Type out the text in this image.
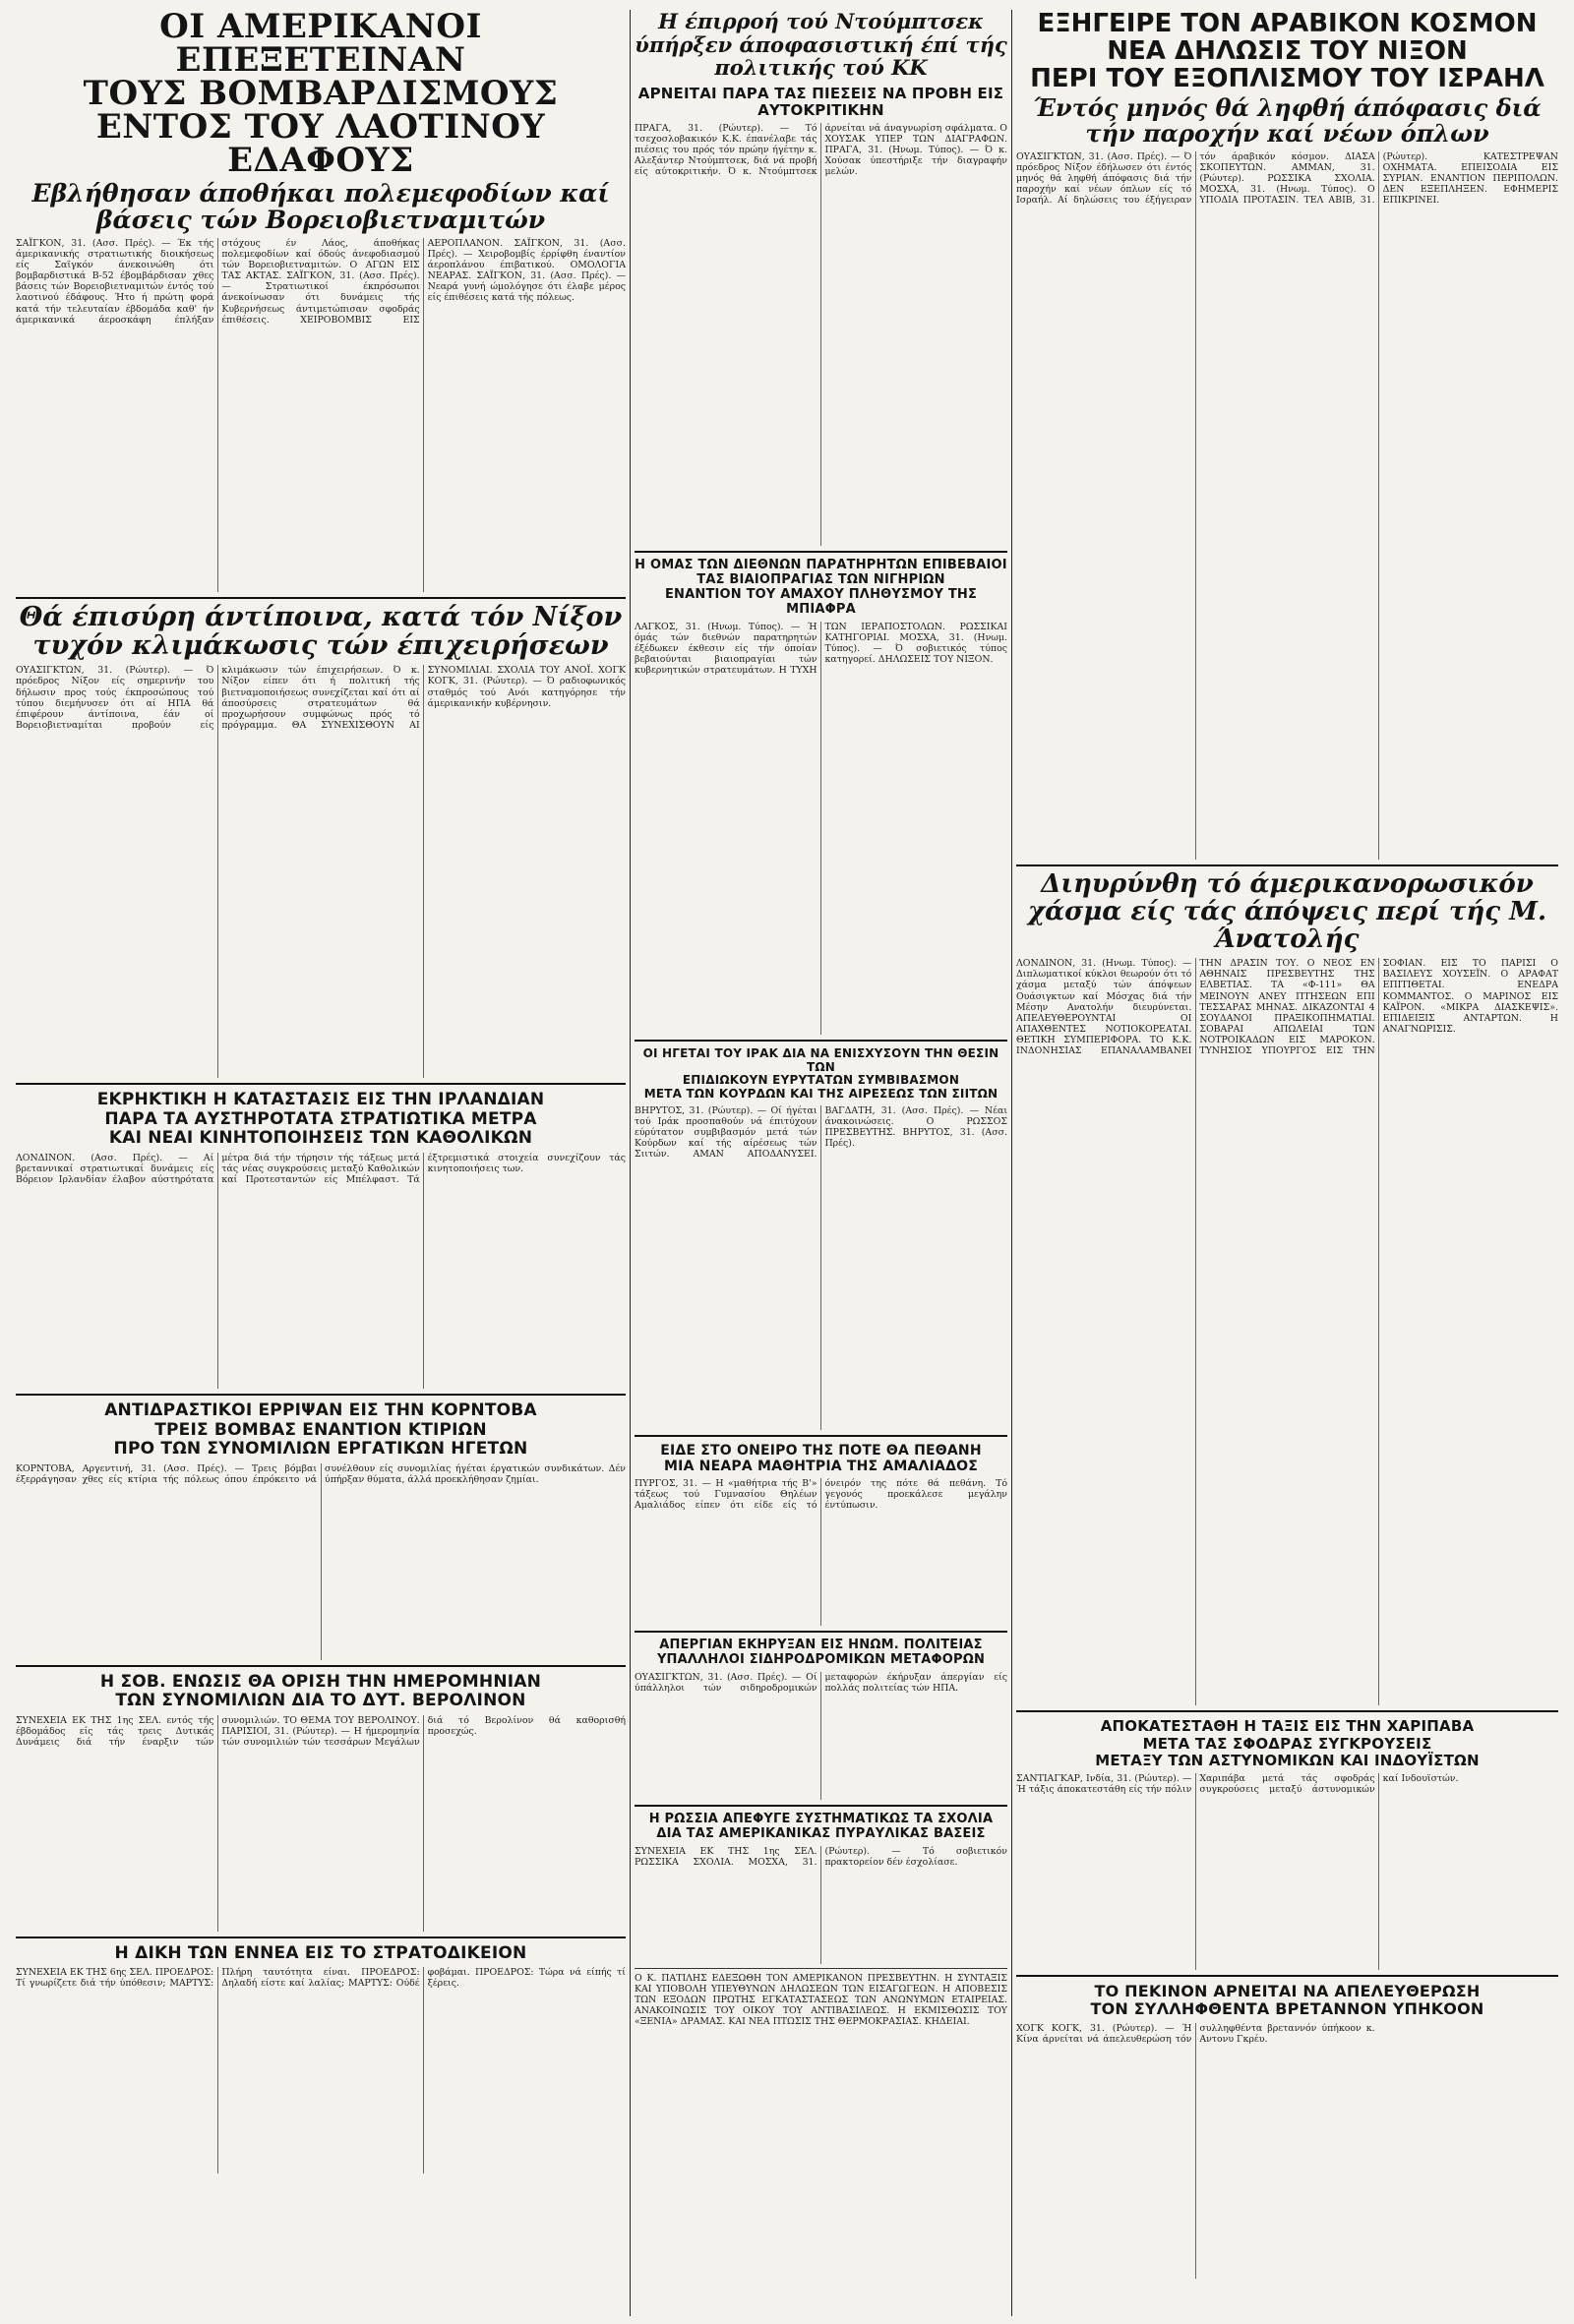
ΟΙ ΑΜΕΡΙΚΑΝΟΙ ΕΠΕΞΕΤΕΙΝΑΝ
ΤΟΥΣ ΒΟΜΒΑΡΔΙΣΜΟΥΣ
ΕΝΤΟΣ ΤΟΥ ΛΑΟΤΙΝΟΥ ΕΔΑΦΟΥΣ
Εβλήθησαν άποθήκαι πολεμεφοδίων καί βάσεις τών Βορειοβιετναμιτών
ΣΑΪΓΚΟΝ, 31. (Ασσ. Πρές). — Έκ τής άμερικανικής στρατιωτικής διοικήσεως είς Σαϊγκόν άνεκοινώθη ότι βομβαρδιστικά Β-52 έβομβάρδισαν χθες βάσεις τών Βορειοβιετναμιτών έντός τού λαοτινού έδάφους. Ήτο ή πρώτη φορά κατά τήν τελευταίαν έβδομάδα καθ' ήν άμερικανικά άεροσκάφη έπλήξαν στόχους έν Λάος, άποθήκας πολεμεφοδίων καί όδούς άνεφοδιασμού τών Βορειοβιετναμιτών. Ο ΑΓΩΝ ΕΙΣ ΤΑΣ ΑΚΤΑΣ. ΣΑΪΓΚΟΝ, 31. (Ασσ. Πρές). — Στρατιωτικοί έκπρόσωποι άνεκοίνωσαν ότι δυνάμεις τής Κυβερνήσεως άντιμετώπισαν σφοδράς έπιθέσεις. ΧΕΙΡΟΒΟΜΒΙΣ ΕΙΣ ΑΕΡΟΠΛΑΝΟΝ. ΣΑΪΓΚΟΝ, 31. (Ασσ. Πρές). — Χειροβομβίς έρρίφθη έναντίον άεροπλάνου έπιβατικού. ΟΜΟΛΟΓΙΑ ΝΕΑΡΑΣ. ΣΑΪΓΚΟΝ, 31. (Ασσ. Πρές). — Νεαρά γυνή ώμολόγησε ότι έλαβε μέρος είς έπιθέσεις κατά τής πόλεως.
Θά έπισύρη άντίποινα, κατά τόν Νίξον τυχόν κλιμάκωσις τών έπιχειρήσεων
ΟΥΑΣΙΓΚΤΩΝ, 31. (Ρώυτερ). — Ό πρόεδρος Νίξον είς σημερινήν του δήλωσιν προς τούς έκπροσώπους τού τύπου διεμήνυσεν ότι αί ΗΠΑ θά έπιφέρουν άντίποινα, έάν οί Βορειοβιετναμίται προβούν είς κλιμάκωσιν τών έπιχειρήσεων. Ό κ. Νίξον είπεν ότι ή πολιτική τής βιετναμοποιήσεως συνεχίζεται καί ότι αί άποσύρσεις στρατευμάτων θά προχωρήσουν συμφώνως πρός τό πρόγραμμα. ΘΑ ΣΥΝΕΧΙΣΘΟΥΝ ΑΙ ΣΥΝΟΜΙΛΙΑΙ. ΣΧΟΛΙΑ ΤΟΥ ΑΝΟΪ. ΧΟΓΚ ΚΟΓΚ, 31. (Ρώυτερ). — Ό ραδιοφωνικός σταθμός τού Ανόι κατηγόρησε τήν άμερικανικήν κυβέρνησιν.
ΕΚΡΗΚΤΙΚΗ Η ΚΑΤΑΣΤΑΣΙΣ ΕΙΣ ΤΗΝ ΙΡΛΑΝΔΙΑΝ
ΠΑΡΑ ΤΑ ΑΥΣΤΗΡΟΤΑΤΑ ΣΤΡΑΤΙΩΤΙΚΑ ΜΕΤΡΑ
ΚΑΙ ΝΕΑΙ ΚΙΝΗΤΟΠΟΙΗΣΕΙΣ ΤΩΝ ΚΑΘΟΛΙΚΩΝ
ΛΟΝΔΙΝΟΝ. (Ασσ. Πρές). — Αί βρεταννικαί στρατιωτικαί δυνάμεις είς Βόρειον Ιρλανδίαν έλαβον αύστηρότατα μέτρα διά τήν τήρησιν τής τάξεως μετά τάς νέας συγκρούσεις μεταξύ Καθολικών καί Προτεσταντών είς Μπέλφαστ. Τά έξτρεμιστικά στοιχεία συνεχίζουν τάς κινητοποιήσεις των.
ΑΝΤΙΔΡΑΣΤΙΚΟΙ ΕΡΡΙΨΑΝ ΕΙΣ ΤΗΝ ΚΟΡΝΤΟΒΑ
ΤΡΕΙΣ ΒΟΜΒΑΣ ΕΝΑΝΤΙΟΝ ΚΤΙΡΙΩΝ
ΠΡΟ ΤΩΝ ΣΥΝΟΜΙΛΙΩΝ ΕΡΓΑΤΙΚΩΝ ΗΓΕΤΩΝ
ΚΟΡΝΤΟΒΑ, Αργεντινή, 31. (Ασσ. Πρές). — Τρεις βόμβαι έξερράγησαν χθες είς κτίρια τής πόλεως όπου έπρόκειτο νά συνέλθουν είς συνομιλίας ήγέται έργατικών συνδικάτων. Δέν ύπήρξαν θύματα, άλλά προεκλήθησαν ζημίαι.
Η ΣΟΒ. ΕΝΩΣΙΣ ΘΑ ΟΡΙΣΗ ΤΗΝ ΗΜΕΡΟΜΗΝΙΑΝ
ΤΩΝ ΣΥΝΟΜΙΛΙΩΝ ΔΙΑ ΤΟ ΔΥΤ. ΒΕΡΟΛΙΝΟΝ
ΣΥΝΕΧΕΙΑ ΕΚ ΤΗΣ 1ης ΣΕΛ. εντός τής έβδομάδος είς τάς τρεις Δυτικάς Δυνάμεις διά τήν έναρξιν τών συνομιλιών. ΤΟ ΘΕΜΑ ΤΟΥ ΒΕΡΟΛΙΝΟΥ. ΠΑΡΙΣΙΟΙ, 31. (Ρώυτερ). — Η ήμερομηνία τών συνομιλιών τών τεσσάρων Μεγάλων διά τό Βερολίνον θά καθορισθή προσεχώς.
Η ΔΙΚΗ ΤΩΝ ΕΝΝΕΑ ΕΙΣ ΤΟ ΣΤΡΑΤΟΔΙΚΕΙΟΝ
ΣΥΝΕΧΕΙΑ ΕΚ ΤΗΣ 6ης ΣΕΛ. ΠΡΟΕΔΡΟΣ: Τί γνωρίζετε διά τήν ύπόθεσιν; ΜΑΡΤΥΣ: Πλήρη ταυτότητα είναι. ΠΡΟΕΔΡΟΣ: Δηλαδή είστε καί λαλίας; ΜΑΡΤΥΣ: Ούδέ φοβάμαι. ΠΡΟΕΔΡΟΣ: Τώρα νά είπής τί ξέρεις.
Η έπιρροή τού Ντούμπτσεκ ύπήρξεν άποφασιστική έπί τής πολιτικής τού ΚΚ
ΑΡΝΕΙΤΑΙ ΠΑΡΑ ΤΑΣ ΠΙΕΣΕΙΣ ΝΑ ΠΡΟΒΗ ΕΙΣ ΑΥΤΟΚΡΙΤΙΚΗΝ
ΠΡΑΓΑ, 31. (Ρώυτερ). — Τό τσεχοσλοβακικόν Κ.Κ. έπανέλαβε τάς πιέσεις του πρός τόν πρώην ήγέτην κ. Αλεξάντερ Ντούμπτσεκ, διά νά προβή είς αύτοκριτικήν. Ό κ. Ντούμπτσεκ άρνείται νά άναγνωρίση σφάλματα. Ο ΧΟΥΣΑΚ ΥΠΕΡ ΤΩΝ ΔΙΑΓΡΑΦΩΝ. ΠΡΑΓΑ, 31. (Ηνωμ. Τύπος). — Ό κ. Χούσακ ύπεστήριξε τήν διαγραφήν μελών.
Η ΟΜΑΣ ΤΩΝ ΔΙΕΘΝΩΝ ΠΑΡΑΤΗΡΗΤΩΝ ΕΠΙΒΕΒΑΙΟΙ
ΤΑΣ ΒΙΑΙΟΠΡΑΓΙΑΣ ΤΩΝ ΝΙΓΗΡΙΩΝ
ΕΝΑΝΤΙΟΝ ΤΟΥ ΑΜΑΧΟΥ ΠΛΗΘΥΣΜΟΥ ΤΗΣ ΜΠΙΑΦΡΑ
ΛΑΓΚΟΣ, 31. (Ηνωμ. Τύπος). — Ή όμάς τών διεθνών παρατηρητών έξέδωκεν έκθεσιν είς τήν όποίαν βεβαιούνται βιαιοπραγίαι τών κυβερνητικών στρατευμάτων. Η ΤΥΧΗ ΤΩΝ ΙΕΡΑΠΟΣΤΟΛΩΝ. ΡΩΣΣΙΚΑΙ ΚΑΤΗΓΟΡΙΑΙ. ΜΟΣΧΑ, 31. (Ηνωμ. Τύπος). — Ό σοβιετικός τύπος κατηγορεί. ΔΗΛΩΣΕΙΣ ΤΟΥ ΝΙΞΟΝ.
ΟΙ ΗΓΕΤΑΙ ΤΟΥ ΙΡΑΚ ΔΙΑ ΝΑ ΕΝΙΣΧΥΣΟΥΝ ΤΗΝ ΘΕΣΙΝ ΤΩΝ
ΕΠΙΔΙΩΚΟΥΝ ΕΥΡΥΤΑΤΩΝ ΣΥΜΒΙΒΑΣΜΟΝ
ΜΕΤΑ ΤΩΝ ΚΟΥΡΔΩΝ ΚΑΙ ΤΗΣ ΑΙΡΕΣΕΩΣ ΤΩΝ ΣΙΙΤΩΝ
ΒΗΡΥΤΟΣ, 31. (Ρώυτερ). — Οί ήγέται τού Ιράκ προσπαθούν νά έπιτύχουν εύρύτατον συμβιβασμόν μετά τών Κούρδων καί τής αίρέσεως τών Σιιτών. ΑΜΑΝ ΑΠΟΔΑΝΥΣΕΙ. ΒΑΓΔΑΤΗ, 31. (Ασσ. Πρές). — Νέαι άνακοινώσεις. Ο ΡΩΣΣΟΣ ΠΡΕΣΒΕΥΤΗΣ. ΒΗΡΥΤΟΣ, 31. (Ασσ. Πρές).
ΕΙΔΕ ΣΤΟ ΟΝΕΙΡΟ ΤΗΣ ΠΟΤΕ ΘΑ ΠΕΘΑΝΗ
ΜΙΑ ΝΕΑΡΑ ΜΑΘΗΤΡΙΑ ΤΗΣ ΑΜΑΛΙΑΔΟΣ
ΠΥΡΓΟΣ, 31. — Η «μαθήτρια τής Β'» τάξεως τού Γυμνασίου Θηλέων Αμαλιάδος είπεν ότι είδε είς τό όνειρόν της πότε θά πεθάνη. Τό γεγονός προεκάλεσε μεγάλην έντύπωσιν.
ΑΠΕΡΓΙΑΝ ΕΚΗΡΥΞΑΝ ΕΙΣ ΗΝΩΜ. ΠΟΛΙΤΕΙΑΣ
ΥΠΑΛΛΗΛΟΙ ΣΙΔΗΡΟΔΡΟΜΙΚΩΝ ΜΕΤΑΦΟΡΩΝ
ΟΥΑΣΙΓΚΤΩΝ, 31. (Ασσ. Πρές). — Οί ύπάλληλοι τών σιδηροδρομικών μεταφορών έκήρυξαν άπεργίαν είς πολλάς πολιτείας τών ΗΠΑ.
Η ΡΩΣΣΙΑ ΑΠΕΦΥΓΕ ΣΥΣΤΗΜΑΤΙΚΩΣ ΤΑ ΣΧΟΛΙΑ
ΔΙΑ ΤΑΣ ΑΜΕΡΙΚΑΝΙΚΑΣ ΠΥΡΑΥΛΙΚΑΣ ΒΑΣΕΙΣ
ΣΥΝΕΧΕΙΑ ΕΚ ΤΗΣ 1ης ΣΕΛ. ΡΩΣΣΙΚΑ ΣΧΟΛΙΑ. ΜΟΣΧΑ, 31. (Ρώυτερ). — Τό σοβιετικόν πρακτορείον δέν έσχολίασε.
Ο Κ. ΠΑΤΙΛΗΣ ΕΔΕΞΩΘΗ ΤΟΝ ΑΜΕΡΙΚΑΝΟΝ ΠΡΕΣΒΕΥΤΗΝ. Η ΣΥΝΤΑΞΙΣ ΚΑΙ ΥΠΟΒΟΛΗ ΥΠΕΥΘΥΝΩΝ ΔΗΛΩΣΕΩΝ ΤΩΝ ΕΙΣΑΓΩΓΕΩΝ. Η ΑΠΟΒΕΣΙΣ ΤΩΝ ΕΞΟΔΩΝ ΠΡΩΤΗΣ ΕΓΚΑΤΑΣΤΑΣΕΩΣ ΤΩΝ ΑΝΩΝΥΜΩΝ ΕΤΑΙΡΕΙΑΣ. ΑΝΑΚΟΙΝΩΣΙΣ ΤΟΥ ΟΙΚΟΥ ΤΟΥ ΑΝΤΙΒΑΣΙΛΕΩΣ. Η ΕΚΜΙΣΘΩΣΙΣ ΤΟΥ «ΞΕΝΙΑ» ΔΡΑΜΑΣ. ΚΑΙ ΝΕΑ ΠΤΩΣΙΣ ΤΗΣ ΘΕΡΜΟΚΡΑΣΙΑΣ. ΚΗΔΕΙΑΙ.
ΕΞΗΓΕΙΡΕ ΤΟΝ ΑΡΑΒΙΚΟΝ ΚΟΣΜΟΝ
ΝΕΑ ΔΗΛΩΣΙΣ ΤΟΥ ΝΙΞΟΝ
ΠΕΡΙ ΤΟΥ ΕΞΟΠΛΙΣΜΟΥ ΤΟΥ ΙΣΡΑΗΛ
Έντός μηνός θά ληφθή άπόφασις διά τήν παροχήν καί νέων όπλων
ΟΥΑΣΙΓΚΤΩΝ, 31. (Ασσ. Πρές). — Ό πρόεδρος Νίξον έδήλωσεν ότι έντός μηνός θά ληφθή άπόφασις διά τήν παροχήν καί νέων όπλων είς τό Ισραήλ. Αί δηλώσεις του έξήγειραν τόν άραβικόν κόσμον. ΔΙΑΣΑ ΣΚΟΠΕΥΤΩΝ. ΑΜΜΑΝ, 31. (Ρώυτερ). ΡΩΣΣΙΚΑ ΣΧΟΛΙΑ. ΜΟΣΧΑ, 31. (Ηνωμ. Τύπος). Ο ΥΠΟΔΙΑ ΠΡΟΤΑΣΙΝ. ΤΕΛ ΑΒΙΒ, 31. (Ρώυτερ). ΚΑΤΕΣΤΡΕΨΑΝ ΟΧΗΜΑΤΑ. ΕΠΕΙΣΟΔΙΑ ΕΙΣ ΣΥΡΙΑΝ. ΕΝΑΝΤΙΟΝ ΠΕΡΙΠΟΛΩΝ. ΔΕΝ ΕΞΕΠΛΗΞΕΝ. ΕΦΗΜΕΡΙΣ ΕΠΙΚΡΙΝΕΙ.
Διηυρύνθη τό άμερικανορωσικόν χάσμα είς τάς άπόψεις περί τής Μ. Άνατολής
ΛΟΝΔΙΝΟΝ, 31. (Ηνωμ. Τύπος). — Διπλωματικοί κύκλοι θεωρούν ότι τό χάσμα μεταξύ τών άπόψεων Ουάσιγκτων καί Μόσχας διά τήν Μέσην Ανατολήν διευρύνεται. ΑΠΕΛΕΥΘΕΡΟΥΝΤΑΙ ΟΙ ΑΠΑΧΘΕΝΤΕΣ ΝΟΤΙΟΚΟΡΕΑΤΑΙ. ΘΕΤΙΚΗ ΣΥΜΠΕΡΙΦΟΡΑ. ΤΟ Κ.Κ. ΙΝΔΟΝΗΣΙΑΣ ΕΠΑΝΑΛΑΜΒΑΝΕΙ ΤΗΝ ΔΡΑΣΙΝ ΤΟΥ. Ο ΝΕΟΣ ΕΝ ΑΘΗΝΑΙΣ ΠΡΕΣΒΕΥΤΗΣ ΤΗΣ ΕΛΒΕΤΙΑΣ. ΤΑ «Φ-111» ΘΑ ΜΕΙΝΟΥΝ ΑΝΕΥ ΠΤΗΣΕΩΝ ΕΠΙ ΤΕΣΣΑΡΑΣ ΜΗΝΑΣ. ΔΙΚΑΖΟΝΤΑΙ 4 ΣΟΥΔΑΝΟΙ ΠΡΑΞΙΚΟΠΗΜΑΤΙΑΙ. ΣΟΒΑΡΑΙ ΑΠΩΛΕΙΑΙ ΤΩΝ ΝΟΤΡΟΙΚΑΔΩΝ ΕΙΣ ΜΑΡΟΚΟΝ. ΤΥΝΗΣΙΟΣ ΥΠΟΥΡΓΟΣ ΕΙΣ ΤΗΝ ΣΟΦΙΑΝ. ΕΙΣ ΤΟ ΠΑΡΙΣΙ Ο ΒΑΣΙΛΕΥΣ ΧΟΥΣΕΪΝ. Ο ΑΡΑΦΑΤ ΕΠΙΤΙΘΕΤΑΙ. ΕΝΕΔΡΑ ΚΟΜΜΑΝΤΟΣ. Ο ΜΑΡΙΝΟΣ ΕΙΣ ΚΑΪΡΟΝ. «ΜΙΚΡΑ ΔΙΑΣΚΕΨΙΣ». ΕΠΙΔΕΙΞΙΣ ΑΝΤΑΡΤΩΝ. Η ΑΝΑΓΝΩΡΙΣΙΣ.
ΑΠΟΚΑΤΕΣΤΑΘΗ Η ΤΑΞΙΣ ΕΙΣ ΤΗΝ ΧΑΡΙΠΑΒΑ
ΜΕΤΑ ΤΑΣ ΣΦΟΔΡΑΣ ΣΥΓΚΡΟΥΣΕΙΣ
ΜΕΤΑΞΥ ΤΩΝ ΑΣΤΥΝΟΜΙΚΩΝ ΚΑΙ ΙΝΔΟΥΪΣΤΩΝ
ΣΑΝΤΙΑΓΚΑΡ, Ινδία, 31. (Ρώυτερ). — Ή τάξις άποκατεστάθη είς τήν πόλιν Χαριπάβα μετά τάς σφοδράς συγκρούσεις μεταξύ άστυνομικών καί Ινδουϊστών.
ΤΟ ΠΕΚΙΝΟΝ ΑΡΝΕΙΤΑΙ ΝΑ ΑΠΕΛΕΥΘΕΡΩΣΗ
ΤΟΝ ΣΥΛΛΗΦΘΕΝΤΑ ΒΡΕΤΑΝΝΟΝ ΥΠΗΚΟΟΝ
ΧΟΓΚ ΚΟΓΚ, 31. (Ρώυτερ). — Ή Κίνα άρνείται νά άπελευθερώση τόν συλληφθέντα βρεταννόν ύπήκοον κ. Αντονυ Γκρέυ.
